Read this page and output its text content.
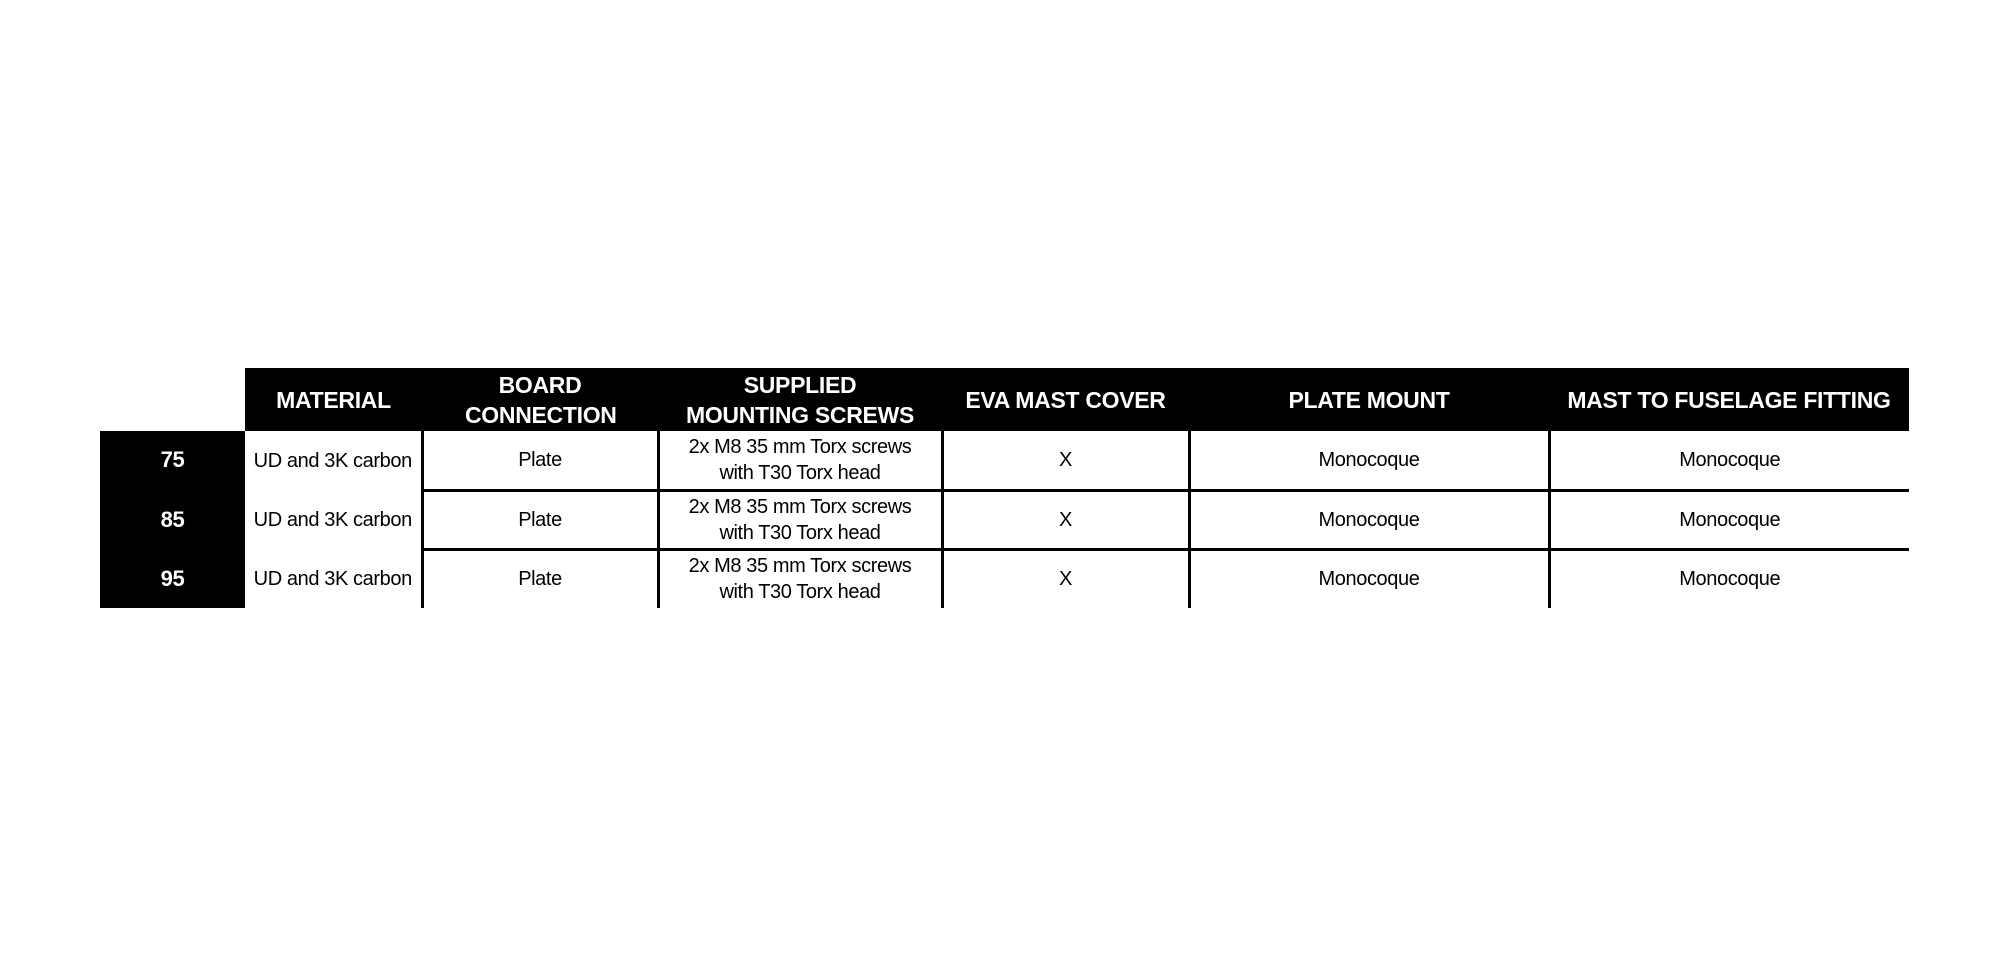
	MATERIAL	BOARD CONNECTION	SUPPLIED MOUNTING SCREWS	EVA MAST COVER	PLATE MOUNT	MAST TO FUSELAGE FITTING
75	UD and 3K carbon	Plate	2x M8 35 mm Torx screws with T30 Torx head	X	Monocoque	Monocoque
85	UD and 3K carbon	Plate	2x M8 35 mm Torx screws with T30 Torx head	X	Monocoque	Monocoque
95	UD and 3K carbon	Plate	2x M8 35 mm Torx screws with T30 Torx head	X	Monocoque	Monocoque
